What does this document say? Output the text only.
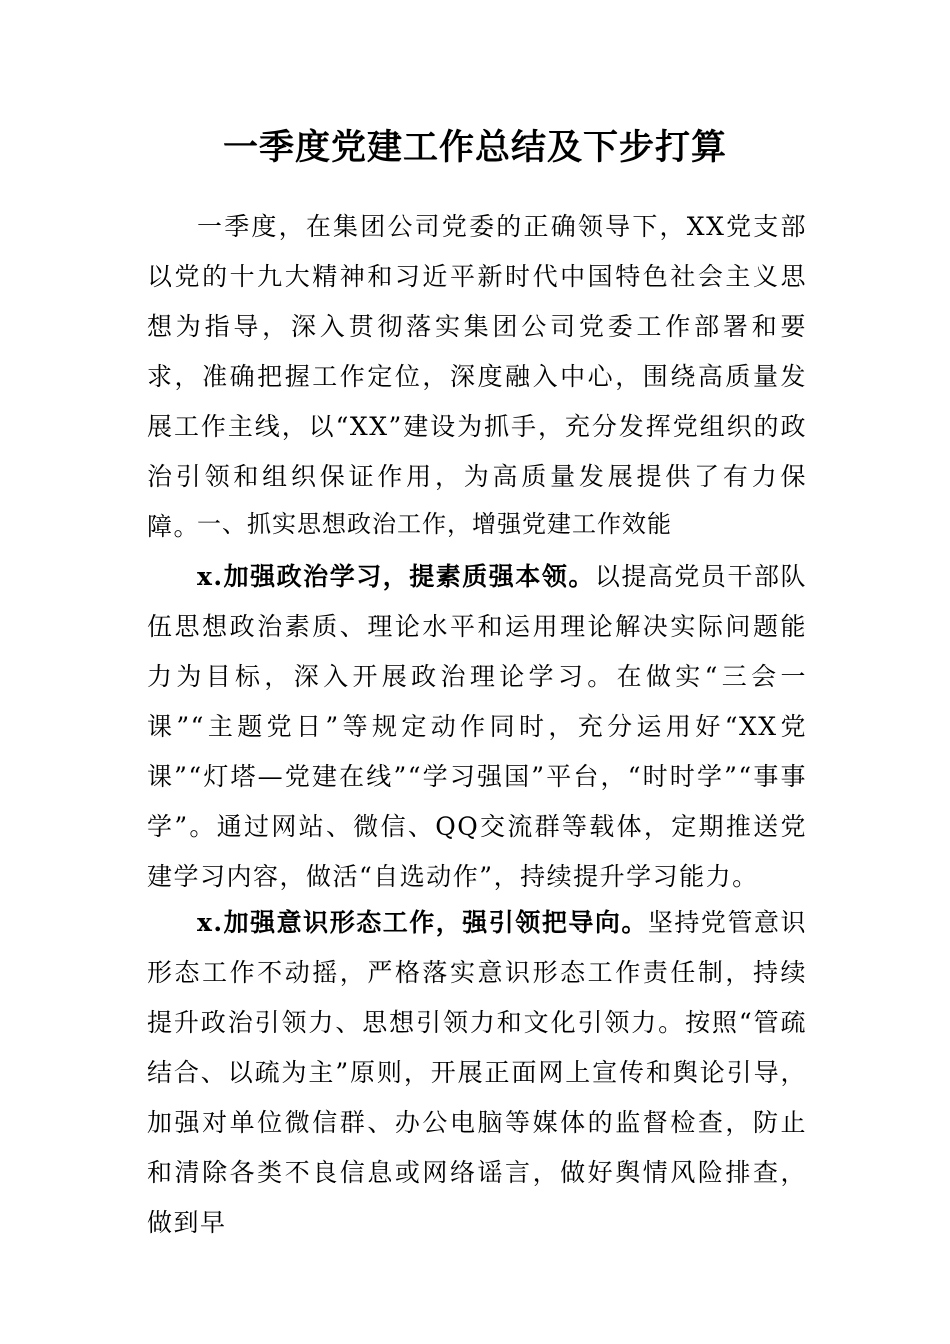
一季度党建工作总结及下步打算
一季度，在集团公司党委的正确领导下，XX党支部以党的十九大精神和习近平新时代中国特色社会主义思想为指导，深入贯彻落实集团公司党委工作部署和要求，准确把握工作定位，深度融入中心，围绕高质量发展工作主线，以“XX”建设为抓手，充分发挥党组织的政治引领和组织保证作用，为高质量发展提供了有力保障。
一、抓实思想政治工作，增强党建工作效能
x.加强政治学习，提素质强本领。以提高党员干部队伍思想政治素质、理论水平和运用理论解决实际问题能力为目标，深入开展政治理论学习。在做实“三会一课”“主题党日”等规定动作同时，充分运用好“XX党课”“灯塔—党建在线”“学习强国”平台，“时时学”“事事学”。通过网站、微信、QQ交流群等载体，定期推送党建学习内容，做活“自选动作”，持续提升学习能力。
x.加强意识形态工作，强引领把导向。坚持党管意识形态工作不动摇，严格落实意识形态工作责任制，持续提升政治引领力、思想引领力和文化引领力。按照“管疏结合、以疏为主”原则，开展正面网上宣传和舆论引导，加强对单位微信群、办公电脑等媒体的监督检查，防止和清除各类不良信息或网络谣言，做好舆情风险排查，做到早
